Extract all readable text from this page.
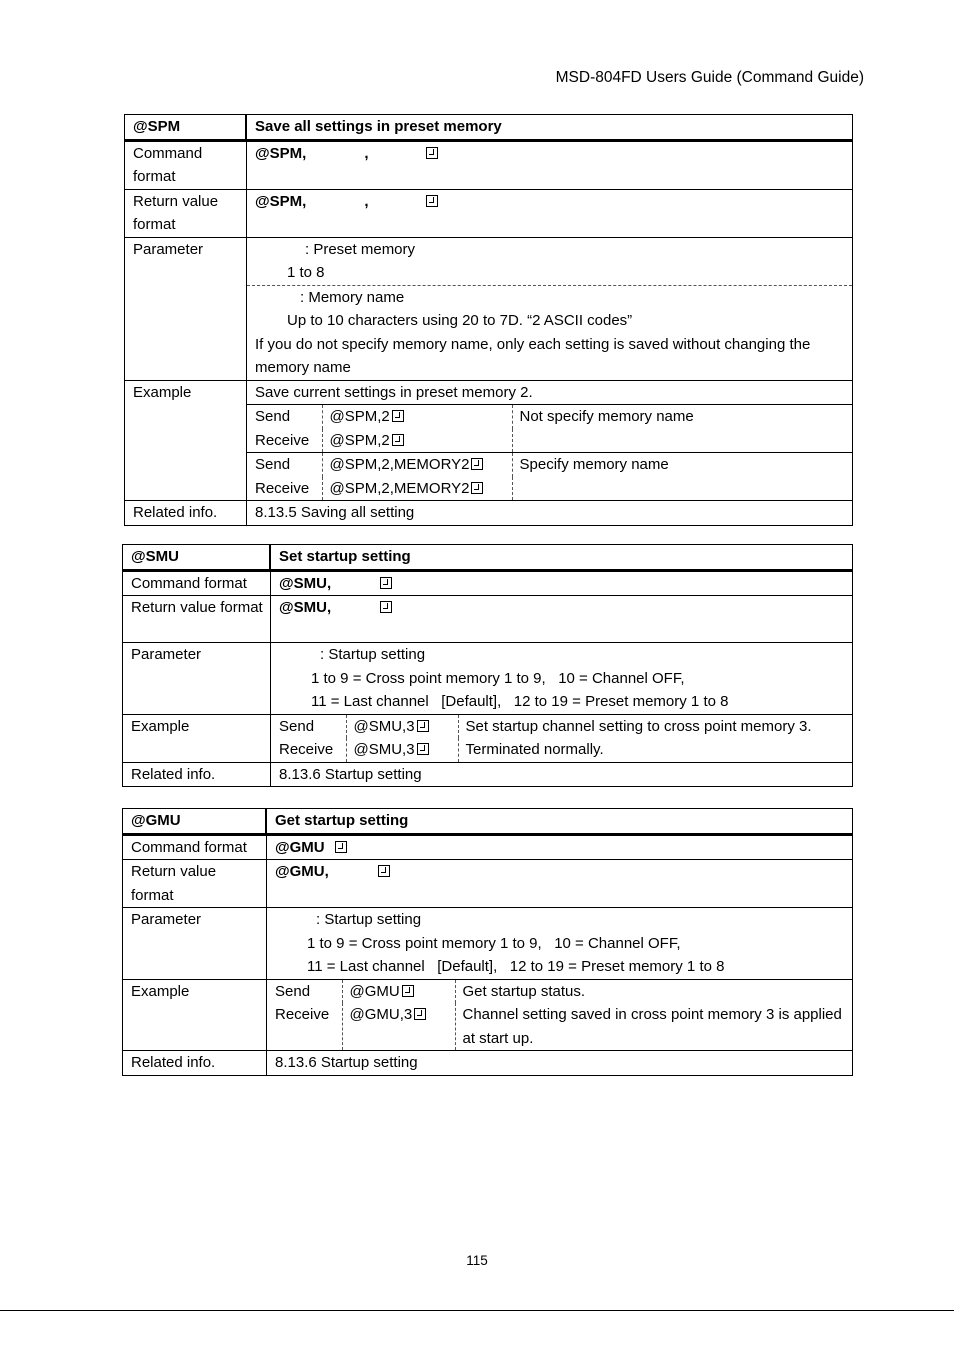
MSD-804FD Users Guide (Command Guide)
@SPM	Save all settings in preset memory
Command format	@SPM,	,
Return value format	@SPM,	,
Parameter	: Preset memory
1 to 8

: Memory name
Up to 10 characters using 20 to 7D. “2 ASCII codes”
If you do not specify memory name, only each setting is saved without changing the memory name

Example	Save current settings in preset memory 2.
Send	@SPM,2	Not specify memory name
Receive	@SPM,2
Send	@SPM,2,MEMORY2	Specify memory name
Receive	@SPM,2,MEMORY2

Related info.	8.13.5 Saving all setting
@SMU	Set startup setting
Command format	@SMU,
Return value format	@SMU,
Parameter	: Startup setting
1 to 9 = Cross point memory 1 to 9,   10 = Channel OFF,
11 = Last channel   [Default],   12 to 19 = Preset memory 1 to 8

Example		Send	@SMU,3	Set startup channel setting to cross point memory 3.
Receive	@SMU,3	Terminated normally.

Related info.	8.13.6 Startup setting
@GMU	Get startup setting
Command format	@GMU
Return value format	@GMU,
Parameter	: Startup setting
1 to 9 = Cross point memory 1 to 9,   10 = Channel OFF,
11 = Last channel   [Default],   12 to 19 = Preset memory 1 to 8

Example		Send	@GMU	Get startup status.
Receive	@GMU,3	Channel setting saved in cross point memory 3 is applied at start up.

Related info.	8.13.6 Startup setting
115
